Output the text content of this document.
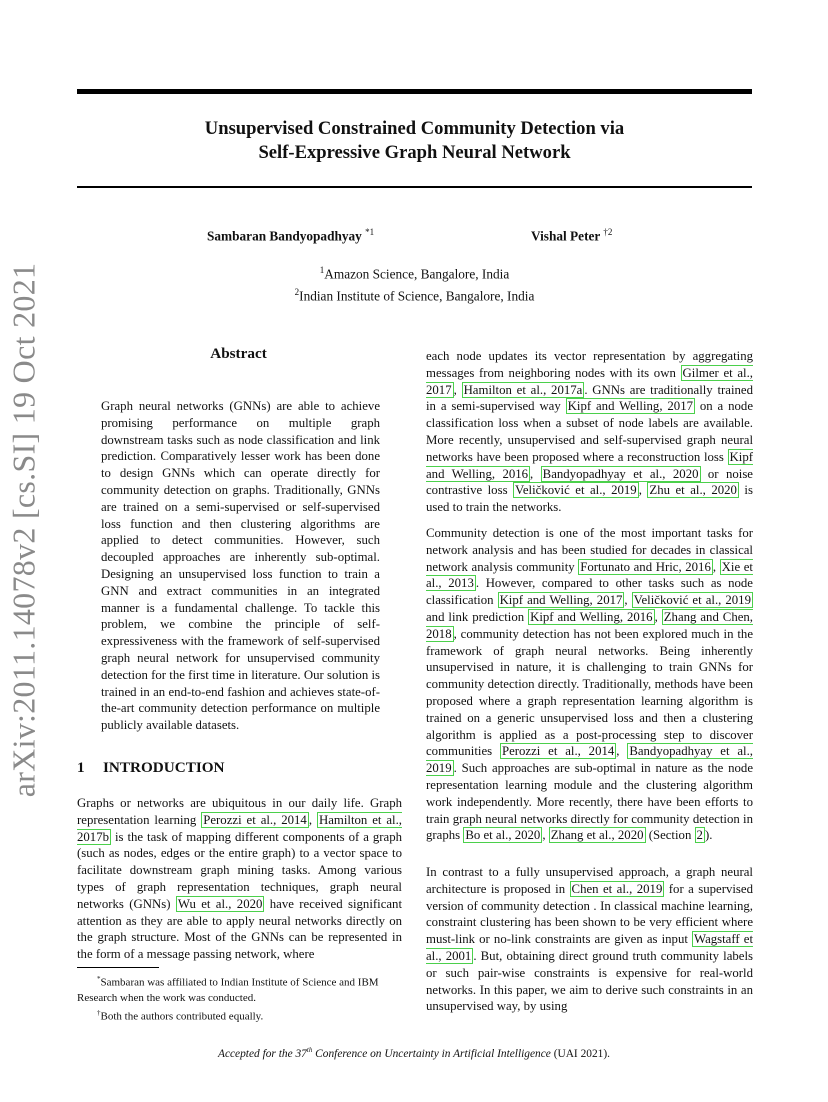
Unsupervised Constrained Community Detection via
Self-Expressive Graph Neural Network
Sambaran Bandyopadhyay $^{*1}$	Vishal Peter $^{\dagger 2}$
$^1$Amazon Science, Bangalore, India
$^2$Indian Institute of Science, Bangalore, India
arXiv:2011.14078v2 [cs.SI] 19 Oct 2021	Abstract
Graph neural networks (GNNs) are able to achieve promising performance on multiple graph downstream tasks such as node classification and link prediction. Comparatively lesser work has been done to design GNNs which can operate directly for community detection on graphs. Traditionally, GNNs are trained on a semi-supervised or self-supervised loss function and then clustering algorithms are applied to detect communities. However, such decoupled approaches are inherently sub-optimal. Designing an unsupervised loss function to train a GNN and extract communities in an integrated manner is a fundamental challenge. To tackle this problem, we combine the principle of self-expressiveness with the framework of self-supervised graph neural network for unsupervised community detection for the first time in literature. Our solution is trained in an end-to-end fashion and achieves state-of-the-art community detection performance on multiple publicly available datasets.
1 INTRODUCTION
Graphs or networks are ubiquitous in our daily life. Graph representation learning Perozzi et al., 2014 , Hamilton et al., 2017b is the task of mapping different components of a graph (such as nodes, edges or the entire graph) to a vector space to facilitate downstream graph mining tasks. Among various types of graph representation techniques, graph neural networks (GNNs) Wu et al., 2020 have received significant attention as they are able to apply neural networks directly on the graph structure. Most of the GNNs can be represented in the form of a message passing network, where
each node updates its vector representation by aggregating messages from neighboring nodes with its own Gilmer et al., 2017 , Hamilton et al., 2017a . GNNs are traditionally trained in a semi-supervised way Kipf and Welling, 2017 on a node classification loss when a subset of node labels are available. More recently, unsupervised and self-supervised graph neural networks have been proposed where a reconstruction loss Kipf and Welling, 2016 , Bandyopadhyay et al., 2020 or noise contrastive loss Veličković et al., 2019 , Zhu et al., 2020 is used to train the networks.
Community detection is one of the most important tasks for network analysis and has been studied for decades in classical network analysis community Fortunato and Hric, 2016 , Xie et al., 2013 . However, compared to other tasks such as node classification Kipf and Welling, 2017 , Veličković et al., 2019 and link prediction Kipf and Welling, 2016 , Zhang and Chen, 2018 , community detection has not been explored much in the framework of graph neural networks. Being inherently unsupervised in nature, it is challenging to train GNNs for community detection directly. Traditionally, methods have been proposed where a graph representation learning algorithm is trained on a generic unsupervised loss and then a clustering algorithm is applied as a post-processing step to discover communities Perozzi et al., 2014 , Bandyopadhyay et al., 2019 . Such approaches are sub-optimal in nature as the node representation learning module and the clustering algorithm work independently. More recently, there have been efforts to train graph neural networks directly for community detection in graphs Bo et al., 2020 , Zhang et al., 2020 (Section 2 ).
In contrast to a fully unsupervised approach, a graph neural architecture is proposed in Chen et al., 2019 for a supervised version of community detection . In classical machine learning, constraint clustering has been shown to be very efficient where must-link or no-link constraints are given as input Wagstaff et al., 2001 . But, obtaining direct ground truth community labels or such pair-wise constraints is expensive for real-world networks. In this paper, we aim to derive such constraints in an unsupervised way, by using
*Sambaran was affiliated to Indian Institute of Science and IBM Research when the work was conducted.
†Both the authors contributed equally.
Accepted for the 37th Conference on Uncertainty in Artificial Intelligence (UAI 2021).
